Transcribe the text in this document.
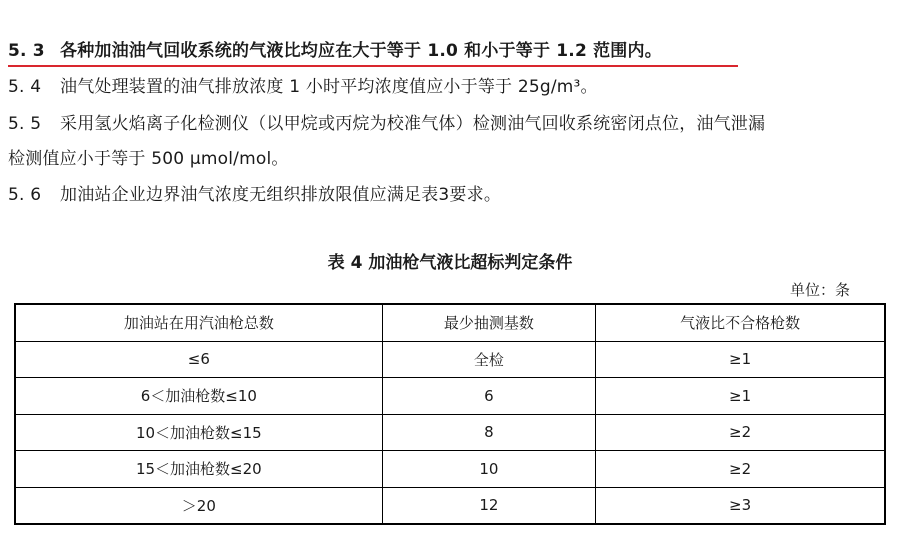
5. 3 各种加油油气回收系统的气液比均应在大于等于 1.0 和小于等于 1.2 范围内。
5. 4 油气处理装置的油气排放浓度 1 小时平均浓度值应小于等于 25g/m³。
5. 5 采用氢火焰离子化检测仪（以甲烷或丙烷为校准气体）检测油气回收系统密闭点位，油气泄漏
检测值应小于等于 500 μmol/mol。
5. 6 加油站企业边界油气浓度无组织排放限值应满足表3要求。
表 4 加油枪气液比超标判定条件
单位：条
加油站在用汽油枪总数	最少抽测基数	气液比不合格枪数
≤6	全检	≥1
6＜加油枪数≤10	6	≥1
10＜加油枪数≤15	8	≥2
15＜加油枪数≤20	10	≥2
＞20	12	≥3
